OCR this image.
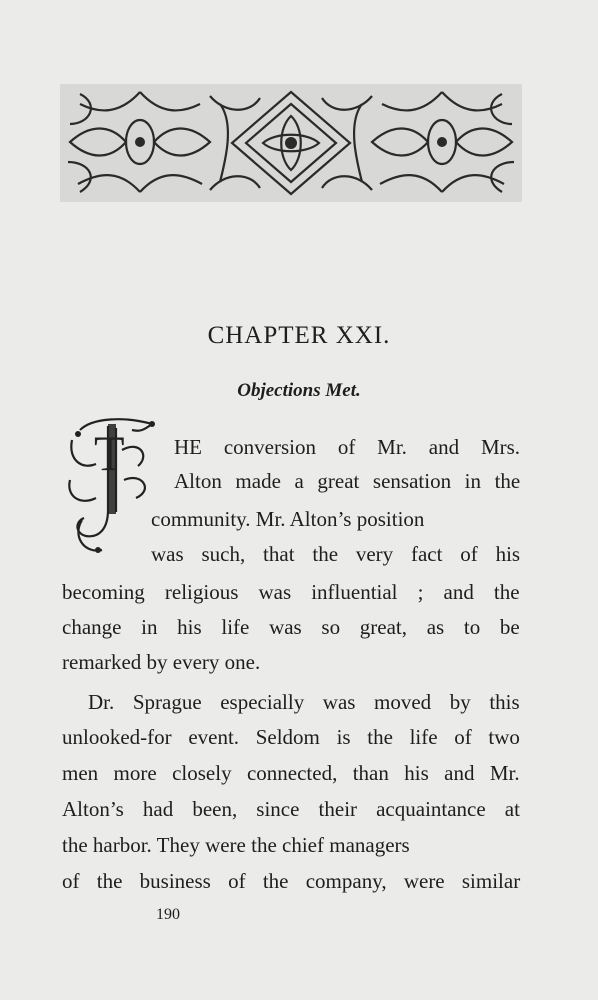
CHAPTER XXI.
Objections Met.
T HE conversion of Mr. and Mrs.
Alton made a great sensation in the
community. Mr. Alton’s position
was such, that the very fact of his
becoming religious was influential ; and the
change in his life was so great, as to be
remarked by every one.
Dr. Sprague especially was moved by this
unlooked-for event. Seldom is the life of two
men more closely connected, than his and Mr.
Alton’s had been, since their acquaintance at
the harbor. They were the chief managers
of the business of the company, were similar
190
